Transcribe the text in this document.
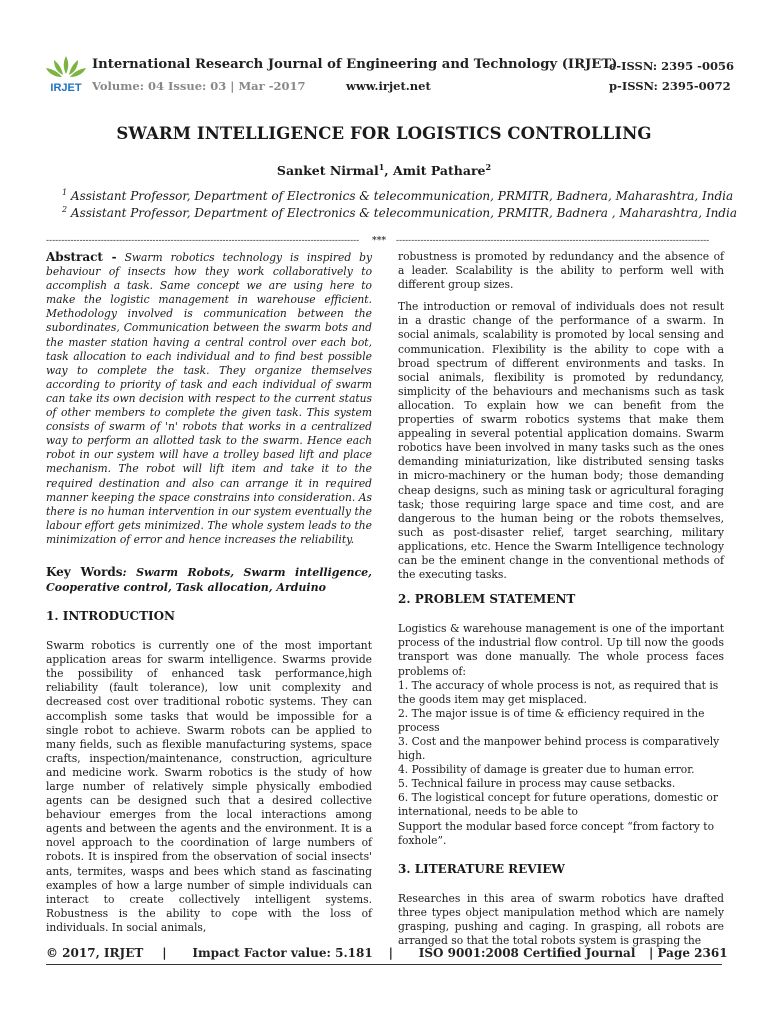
IRJET
International Research Journal of Engineering and Technology (IRJET)
Volume: 04 Issue: 03 | Mar -2017	www.irjet.net
e-ISSN: 2395 -0056
p-ISSN: 2395-0072
SWARM INTELLIGENCE FOR LOGISTICS CONTROLLING
Sanket Nirmal$^1$, Amit Pathare$^2$
$^1$ Assistant Professor, Department of Electronics & telecommunication, PRMITR, Badnera, Maharashtra, India
$^2$ Assistant Professor, Department of Electronics & telecommunication, PRMITR, Badnera , Maharashtra, India
-------------------------------------------------------------------------------------------------------	***	-------------------------------------------------------------------------------------------------------

Abstract - Swarm robotics technology is inspired by behaviour of insects how they work collaboratively to accomplish a task. Same concept we are using here to make the logistic management in warehouse efficient. Methodology involved is communication between the subordinates, Communication between the swarm bots and the master station having a central control over each bot, task allocation to each individual and to find best possible way to complete the task. They organize themselves according to priority of task and each individual of swarm can take its own decision with respect to the current status of other members to complete the given task. This system consists of swarm of 'n' robots that works in a centralized way to perform an allotted task to the swarm. Hence each robot in our system will have a trolley based lift and place mechanism. The robot will lift item and take it to the required destination and also can arrange it in required manner keeping the space constrains into consideration. As there is no human intervention in our system eventually the labour effort gets minimized. The whole system leads to the minimization of error and hence increases the reliability.

Key Words: Swarm Robots, Swarm intelligence, Cooperative control, Task allocation, Arduino

1. INTRODUCTION

Swarm robotics is currently one of the most important application areas for swarm intelligence. Swarms provide the possibility of enhanced task performance,high reliability (fault tolerance), low unit complexity and decreased cost over traditional robotic systems. They can accomplish some tasks that would be impossible for a single robot to achieve. Swarm robots can be applied to many fields, such as flexible manufacturing systems, space crafts, inspection/maintenance, construction, agriculture and medicine work. Swarm robotics is the study of how large number of relatively simple physically embodied agents can be designed such that a desired collective behaviour emerges from the local interactions among agents and between the agents and the environment. It is a novel approach to the coordination of large numbers of robots. It is inspired from the observation of social insects' ants, termites, wasps and bees which stand as fascinating examples of how a large number of simple individuals can interact to create collectively intelligent systems. Robustness is the ability to cope with the loss of individuals. In social animals,

robustness is promoted by redundancy and the absence of a leader. Scalability is the ability to perform well with different group sizes.

The introduction or removal of individuals does not result in a drastic change of the performance of a swarm. In social animals, scalability is promoted by local sensing and communication. Flexibility is the ability to cope with a broad spectrum of different environments and tasks. In social animals, flexibility is promoted by redundancy, simplicity of the behaviours and mechanisms such as task allocation. To explain how we can benefit from the properties of swarm robotics systems that make them appealing in several potential application domains. Swarm robotics have been involved in many tasks such as the ones demanding miniaturization, like distributed sensing tasks in micro-machinery or the human body; those demanding cheap designs, such as mining task or agricultural foraging task; those requiring large space and time cost, and are dangerous to the human being or the robots themselves, such as post-disaster relief, target searching, military applications, etc. Hence the Swarm Intelligence technology can be the eminent change in the conventional methods of the executing tasks.

2. PROBLEM STATEMENT

Logistics & warehouse management is one of the important process of the industrial flow control. Up till now the goods transport was done manually. The whole process faces problems of:

1. The accuracy of whole process is not, as required that is the goods item may get misplaced.

2. The major issue is of time & efficiency required in the process

3. Cost and the manpower behind process is comparatively high.

4. Possibility of damage is greater due to human error.

5. Technical failure in process may cause setbacks.

6. The logistical concept for future operations, domestic or international, needs to be able to

Support the modular based force concept “from factory to foxhole”.

3. LITERATURE REVIEW

Researches in this area of swarm robotics have drafted three types object manipulation method which are namely grasping, pushing and caging. In grasping, all robots are arranged so that the total robots system is grasping the

© 2017, IRJET | Impact Factor value: 5.181 | ISO 9001:2008 Certified Journal | Page 2361
